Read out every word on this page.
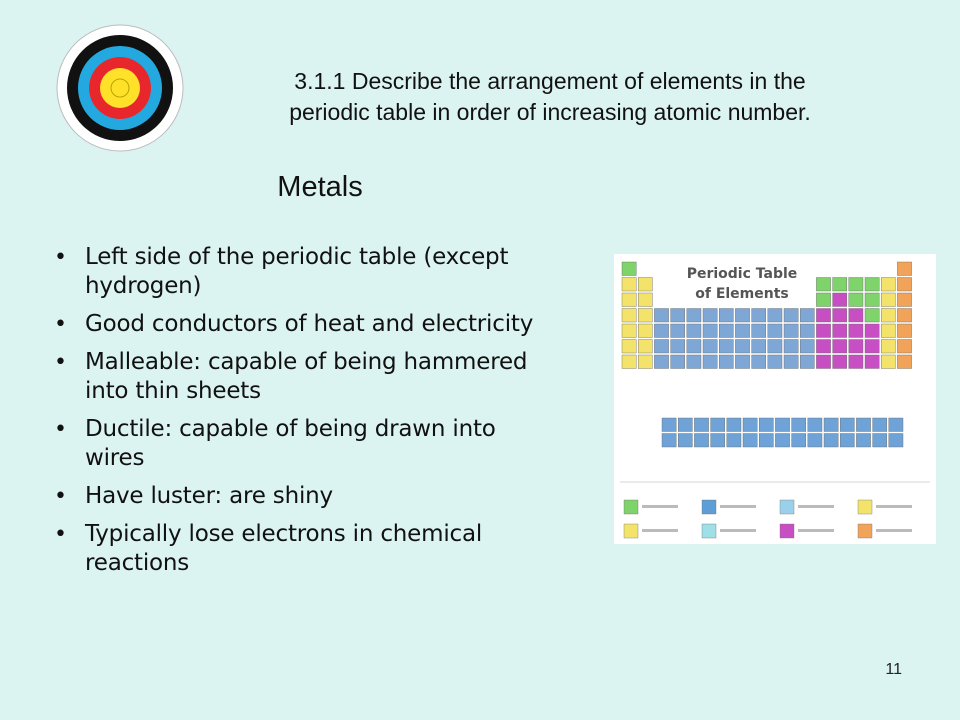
3.1.1 Describe the arrangement of elements in the
periodic table in order of increasing atomic number.
Metals
• Left side of the periodic table (except
hydrogen)
• Good conductors of heat and electricity
• Malleable: capable of being hammered
into thin sheets
• Ductile: capable of being drawn into
wires
• Have luster: are shiny
• Typically lose electrons in chemical
reactions
Periodic Table
of Elements
11
